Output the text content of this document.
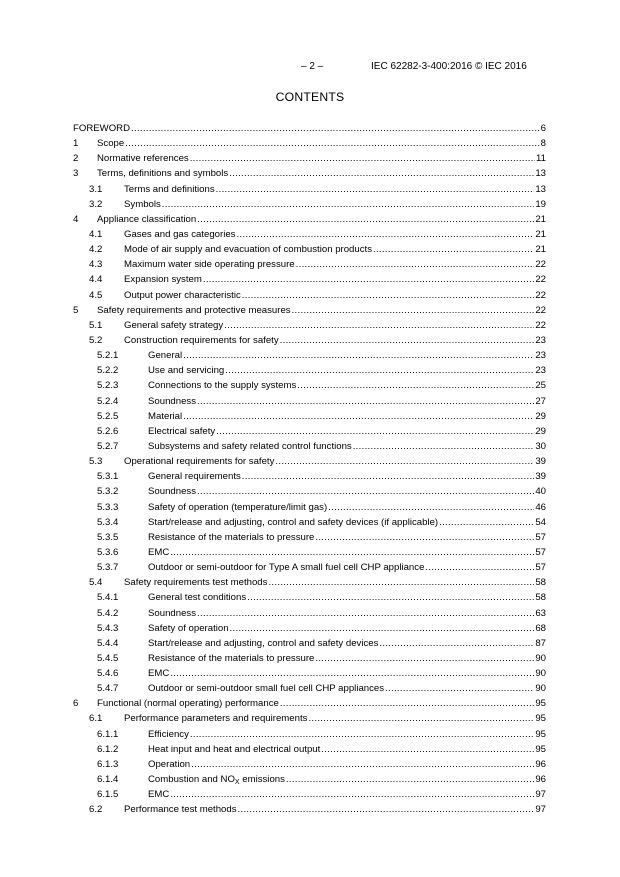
– 2 –	IEC 62282-3-400:2016 © IEC 2016
CONTENTS
FOREWORD .....	6
1 Scope .....	8
2 Normative references .....	11
3 Terms, definitions and symbols .....	13
3.1 Terms and definitions .....	13
3.2 Symbols .....	19
4 Appliance classification .....	21
4.1 Gases and gas categories .....	21
4.2 Mode of air supply and evacuation of combustion products .....	21
4.3 Maximum water side operating pressure .....	22
4.4 Expansion system .....	22
4.5 Output power characteristic .....	22
5 Safety requirements and protective measures .....	22
5.1 General safety strategy .....	22
5.2 Construction requirements for safety .....	23
5.2.1	General .....	23
5.2.2	Use and servicing .....	23
5.2.3	Connections to the supply systems .....	25
5.2.4	Soundness .....	27
5.2.5	Material .....	29
5.2.6	Electrical safety .....	29
5.2.7	Subsystems and safety related control functions .....	30
5.3 Operational requirements for safety .....	39
5.3.1	General requirements .....	39
5.3.2	Soundness .....	40
5.3.3	Safety of operation (temperature/limit gas) .....	46
5.3.4	Start/release and adjusting, control and safety devices (if applicable) .....	54
5.3.5	Resistance of the materials to pressure .....	57
5.3.6	EMC .....	57
5.3.7	Outdoor or semi-outdoor for Type A small fuel cell CHP appliance .....	57
5.4 Safety requirements test methods .....	58
5.4.1	General test conditions .....	58
5.4.2	Soundness .....	63
5.4.3	Safety of operation .....	68
5.4.4	Start/release and adjusting, control and safety devices .....	87
5.4.5	Resistance of the materials to pressure .....	90
5.4.6	EMC .....	90
5.4.7	Outdoor or semi-outdoor small fuel cell CHP appliances .....	90
6 Functional (normal operating) performance .....	95
6.1 Performance parameters and requirements .....	95
6.1.1	Efficiency .....	95
6.1.2	Heat input and heat and electrical output .....	95
6.1.3	Operation .....	96
6.1.4	Combustion and $NO_X$ emissions .....	96
6.1.5	EMC .....	97
6.2 Performance test methods .....	97
